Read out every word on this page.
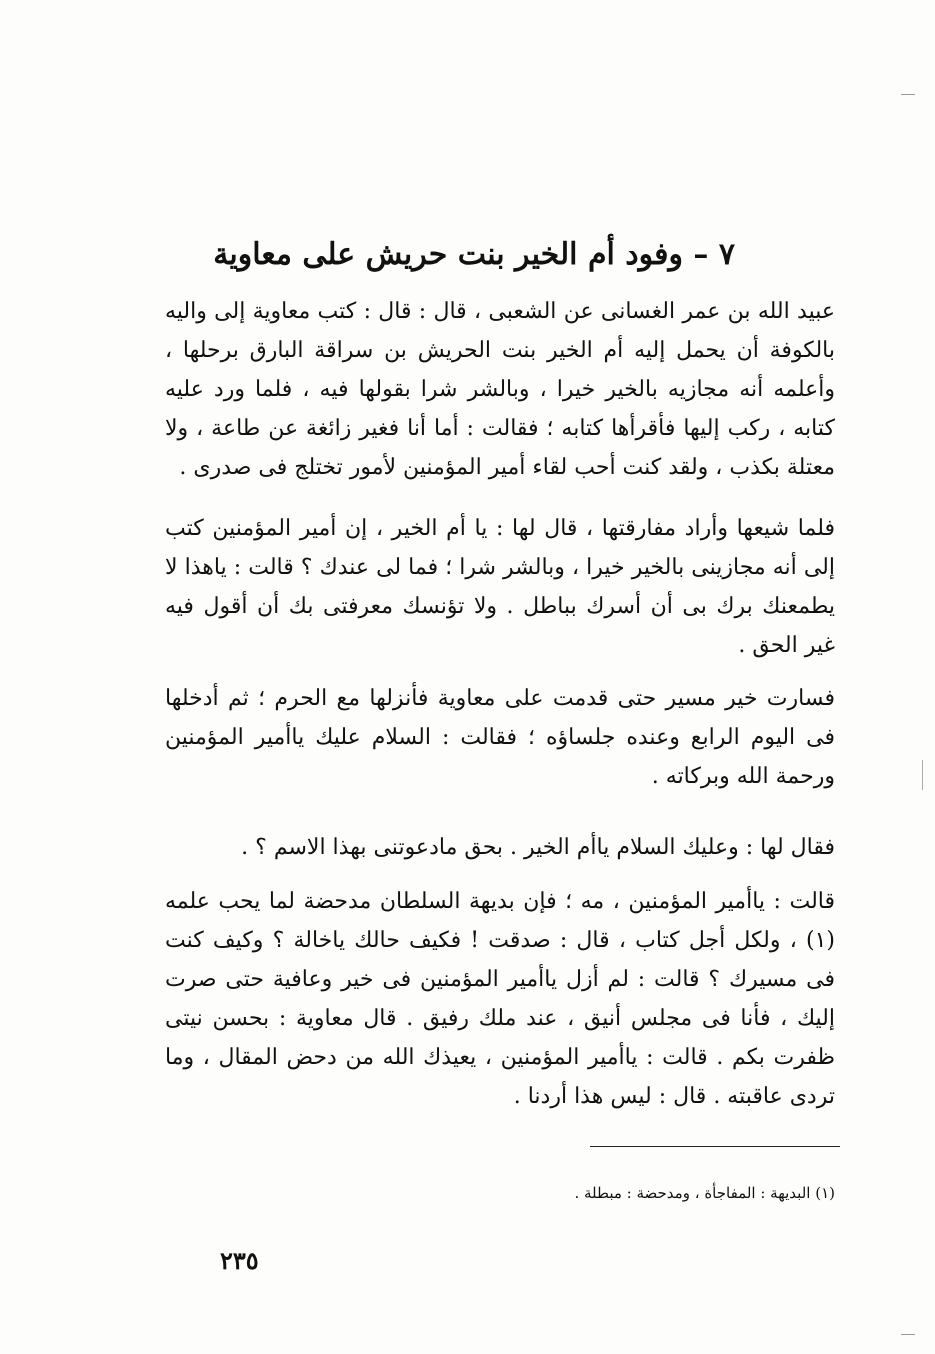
٧ – وفود أم الخير بنت حريش على معاوية

عبيد الله بن عمر الغسانى عن الشعبى ، قال : قال : كتب معاوية إلى واليه بالكوفة أن يحمل إليه أم الخير بنت الحريش بن سراقة البارق برحلها ، وأعلمه أنه مجازيه بالخير خيرا ، وبالشر شرا بقولها فيه ، فلما ورد عليه كتابه ، ركب إليها فأقرأها كتابه ؛ فقالت : أما أنا فغير زائغة عن طاعة ، ولا معتلة بكذب ، ولقد كنت أحب لقاء أمير المؤمنين لأمور تختلج فى صدرى .

فلما شيعها وأراد مفارقتها ، قال لها : يا أم الخير ، إن أمير المؤمنين كتب إلى أنه مجازينى بالخير خيرا ، وبالشر شرا ؛ فما لى عندك ؟ قالت : ياهذا لا يطمعنك برك بى أن أسرك بباطل . ولا تؤنسك معرفتى بك أن أقول فيه غير الحق .

فسارت خير مسير حتى قدمت على معاوية فأنزلها مع الحرم ؛ ثم أدخلها فى اليوم الرابع وعنده جلساؤه ؛ فقالت : السلام عليك ياأمير المؤمنين ورحمة الله وبركاته .

فقال لها : وعليك السلام ياأم الخير . بحق مادعوتنى بهذا الاسم ؟ .

قالت : ياأمير المؤمنين ، مه ؛ فإن بديهة السلطان مدحضة لما يحب علمه (١) ، ولكل أجل كتاب ، قال : صدقت ! فكيف حالك ياخالة ؟ وكيف كنت فى مسيرك ؟ قالت : لم أزل ياأمير المؤمنين فى خير وعافية حتى صرت إليك ، فأنا فى مجلس أنيق ، عند ملك رفيق . قال معاوية : بحسن نيتى ظفرت بكم . قالت : ياأمير المؤمنين ، يعيذك الله من دحض المقال ، وما تردى عاقبته . قال : ليس هذا أردنا .

(١) البديهة : المفاجأة ، ومدحضة : مبطلة .
٢٣٥
